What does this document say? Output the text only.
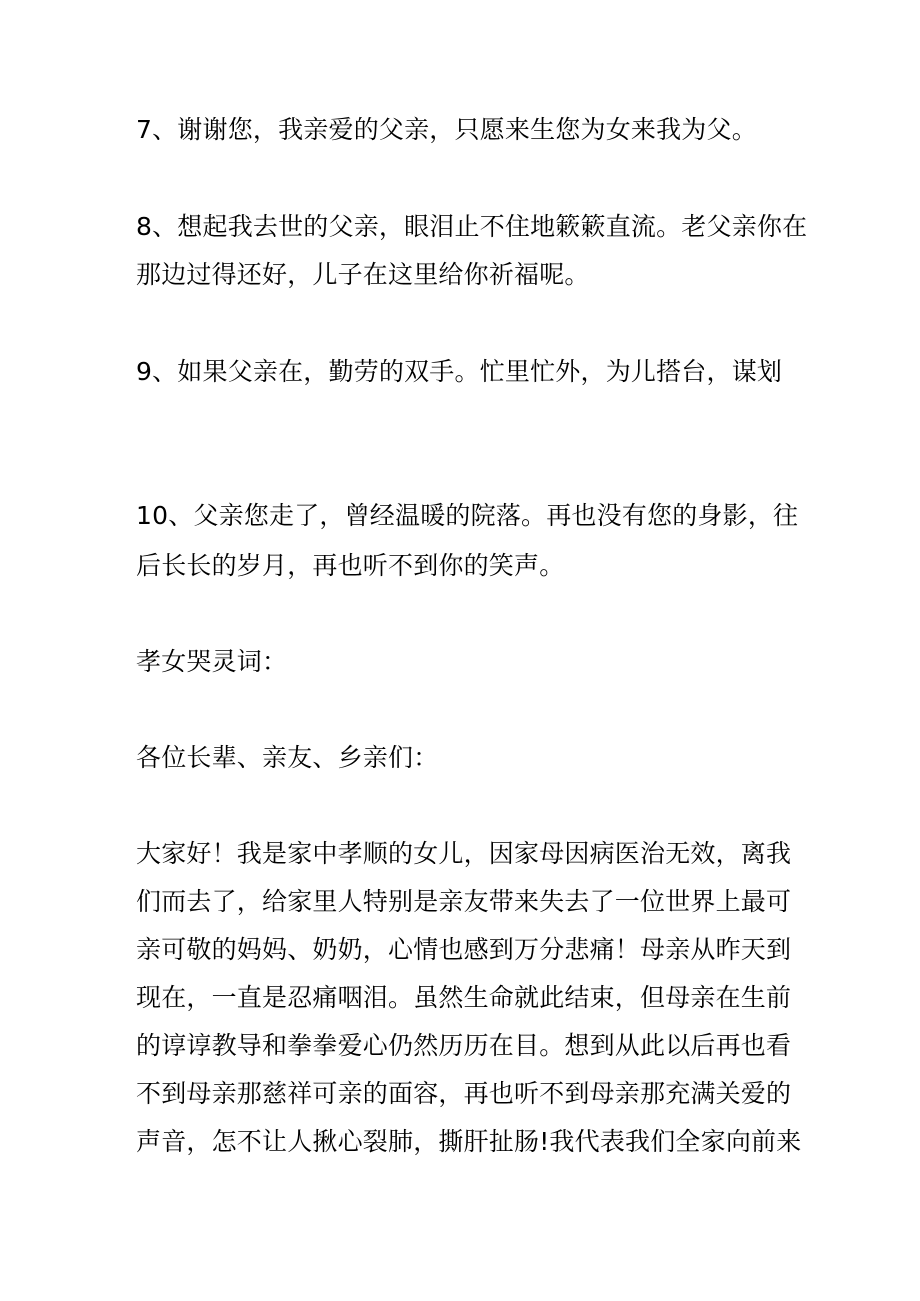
7、谢谢您，我亲爱的父亲，只愿来生您为女来我为父。
8、想起我去世的父亲，眼泪止不住地簌簌直流。老父亲你在
那边过得还好，儿子在这里给你祈福呢。
9、如果父亲在，勤劳的双手。忙里忙外，为儿搭台，谋划
10、父亲您走了，曾经温暖的院落。再也没有您的身影，往
后长长的岁月，再也听不到你的笑声。
孝女哭灵词：
各位长辈、亲友、乡亲们：
大家好！我是家中孝顺的女儿，因家母因病医治无效，离我
们而去了，给家里人特别是亲友带来失去了一位世界上最可
亲可敬的妈妈、奶奶，心情也感到万分悲痛！母亲从昨天到
现在，一直是忍痛咽泪。虽然生命就此结束，但母亲在生前
的谆谆教导和拳拳爱心仍然历历在目。想到从此以后再也看
不到母亲那慈祥可亲的面容，再也听不到母亲那充满关爱的
声音，怎不让人揪心裂肺，撕肝扯肠!我代表我们全家向前来
